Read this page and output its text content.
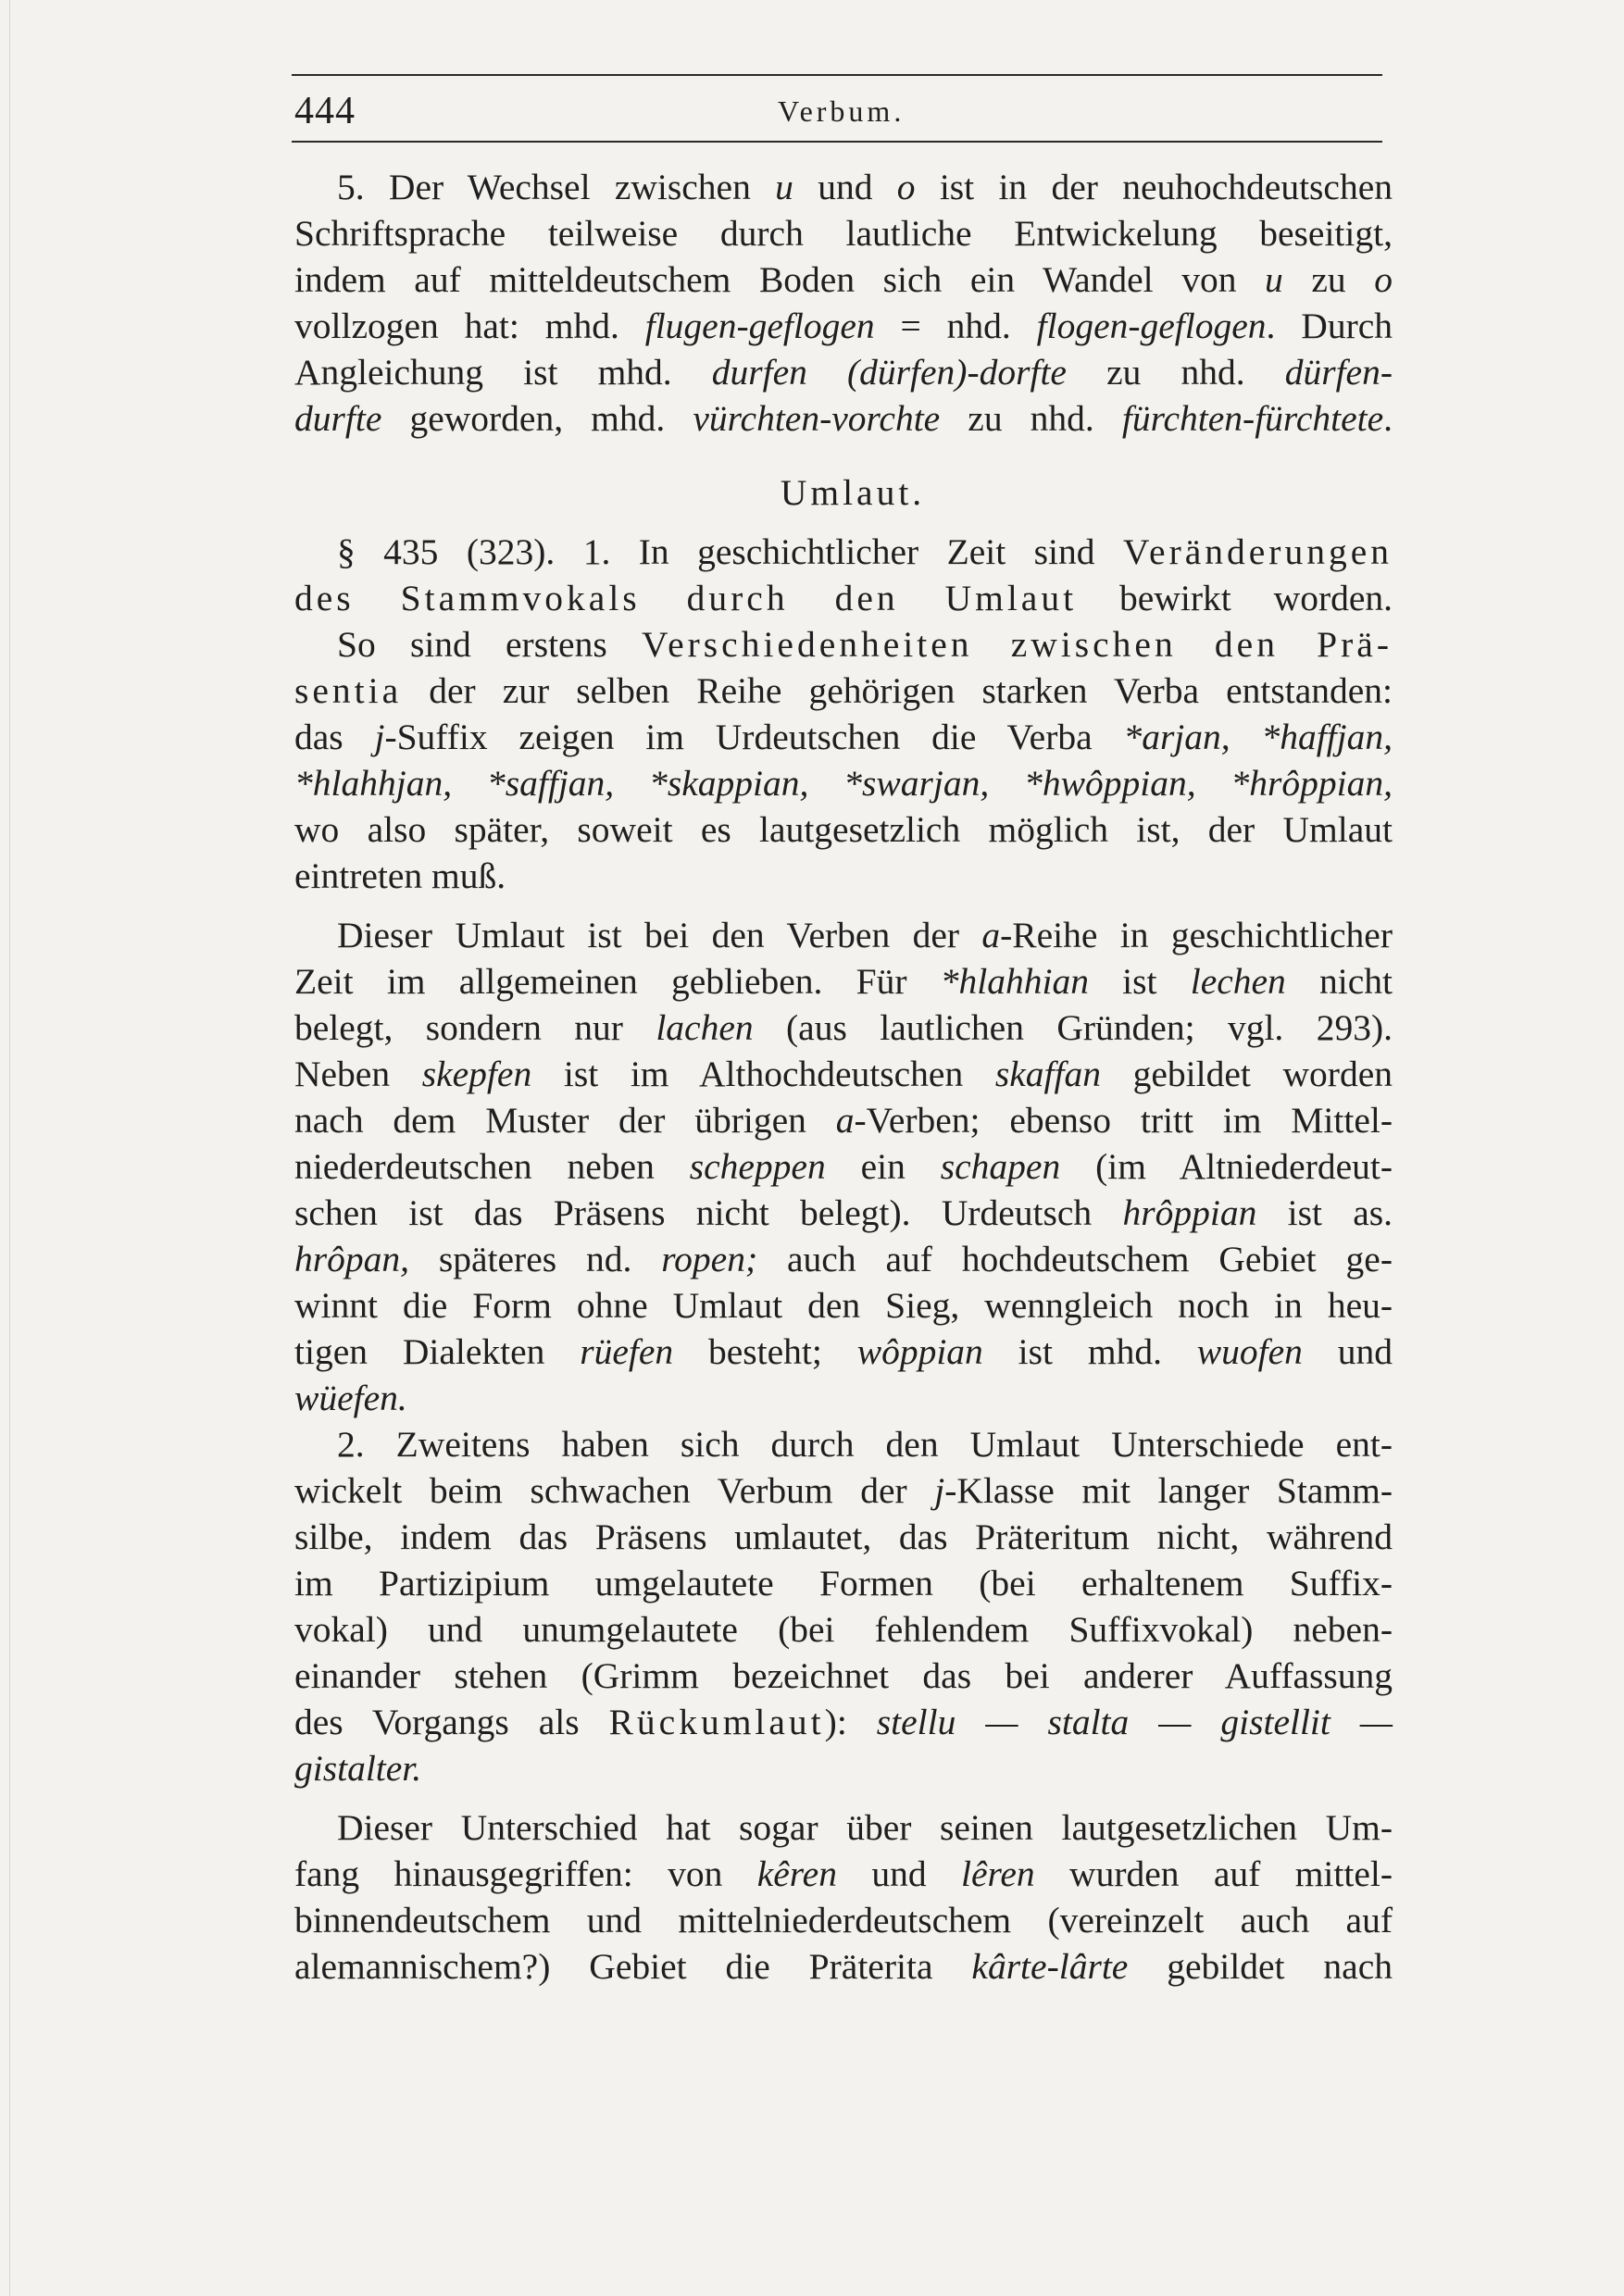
444	Verbum.
5. Der Wechsel zwischen u und o ist in der neuhochdeutschen
Schriftsprache teilweise durch lautliche Entwickelung beseitigt,
indem auf mitteldeutschem Boden sich ein Wandel von u zu o
vollzogen hat: mhd. flugen-geflogen = nhd. flogen-geflogen. Durch
Angleichung ist mhd. durfen (dürfen)-dorfte zu nhd. dürfen-
durfte geworden, mhd. vürchten-vorchte zu nhd. fürchten-fürchtete.
Umlaut.
§ 435 (323). 1. In geschichtlicher Zeit sind Veränderungen
des Stammvokals durch den Umlaut bewirkt worden.
So sind erstens Verschiedenheiten zwischen den Prä-
sentia der zur selben Reihe gehörigen starken Verba entstanden:
das j-Suffix zeigen im Urdeutschen die Verba *arjan, *haffjan,
*hlahhjan, *saffjan, *skappian, *swarjan, *hwôppian, *hrôppian,
wo also später, soweit es lautgesetzlich möglich ist, der Umlaut
eintreten muß.
Dieser Umlaut ist bei den Verben der a-Reihe in geschichtlicher
Zeit im allgemeinen geblieben. Für *hlahhian ist lechen nicht
belegt, sondern nur lachen (aus lautlichen Gründen; vgl. 293).
Neben skepfen ist im Althochdeutschen skaffan gebildet worden
nach dem Muster der übrigen a-Verben; ebenso tritt im Mittel-
niederdeutschen neben scheppen ein schapen (im Altniederdeut-
schen ist das Präsens nicht belegt). Urdeutsch hrôppian ist as.
hrôpan, späteres nd. ropen; auch auf hochdeutschem Gebiet ge-
winnt die Form ohne Umlaut den Sieg, wenngleich noch in heu-
tigen Dialekten rüefen besteht; wôppian ist mhd. wuofen und
wüefen.
2. Zweitens haben sich durch den Umlaut Unterschiede ent-
wickelt beim schwachen Verbum der j-Klasse mit langer Stamm-
silbe, indem das Präsens umlautet, das Präteritum nicht, während
im Partizipium umgelautete Formen (bei erhaltenem Suffix-
vokal) und unumgelautete (bei fehlendem Suffixvokal) neben-
einander stehen (Grimm bezeichnet das bei anderer Auffassung
des Vorgangs als Rückumlaut): stellu — stalta — gistellit —
gistalter.
Dieser Unterschied hat sogar über seinen lautgesetzlichen Um-
fang hinausgegriffen: von kêren und lêren wurden auf mittel-
binnendeutschem und mittelniederdeutschem (vereinzelt auch auf
alemannischem?) Gebiet die Präterita kârte-lârte gebildet nach
